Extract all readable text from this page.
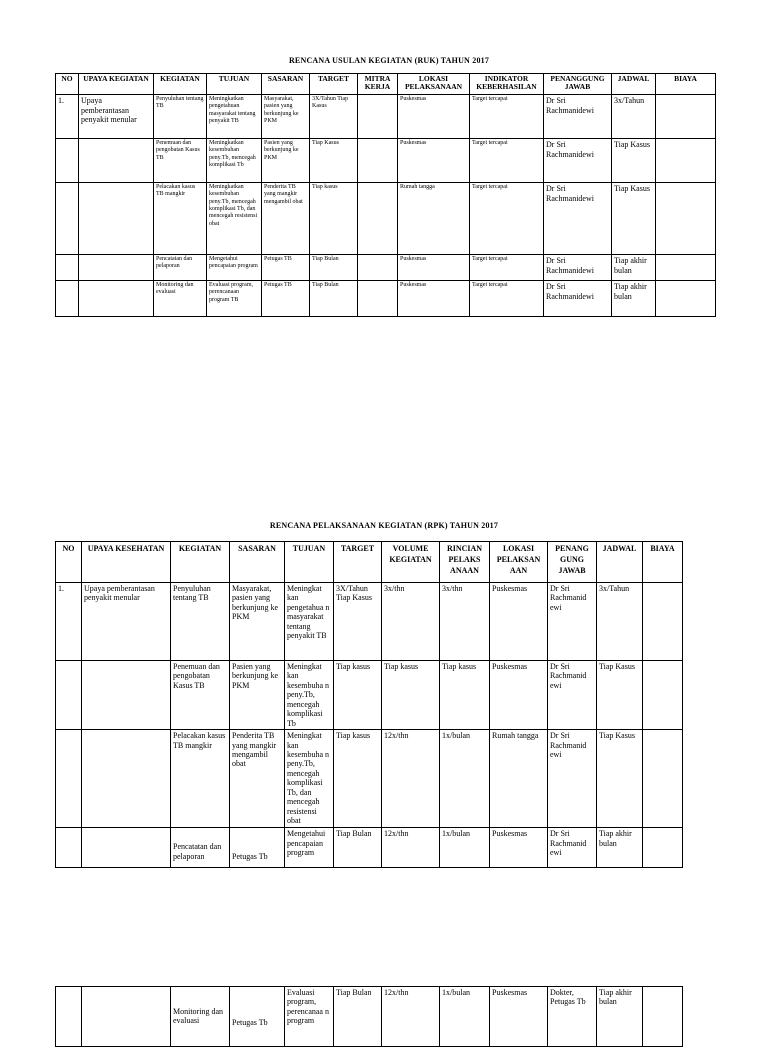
RENCANA USULAN KEGIATAN (RUK) TAHUN 2017
NO	UPAYA KEGIATAN	KEGIATAN	TUJUAN	SASARAN	TARGET	MITRA KERJA	LOKASI PELAKSANAAN	INDIKATOR KEBERHASILAN	PENANGGUNG JAWAB	JADWAL	BIAYA
1.	Upaya pemberantasan penyakit menular	Penyuluhan tentang TB	Meningkatkan pengetahuan masyarakat tentang penyakit TB	Masyarakat, pasien yang berkunjung ke PKM	3X/Tahun Tiap Kasus		Puskesmas	Target tercapai	Dr Sri Rachmanidewi	3x/Tahun	
		Penemuan dan pengobatan Kasus TB	Meningkatkan kesembuhan peny.Tb, mencegah komplikasi Tb	Pasien yang berkunjung ke PKM	Tiap Kasus		Puskesmas	Target tercapai	Dr Sri Rachmanidewi	Tiap Kasus	
		Pelacakan kasus TB mangkir	Meningkatkan kesembuhan peny.Tb, mencegah komplikasi Tb, dan mencegah resistensi obat	Penderita TB yang mangkir mengambil obat	Tiap kasus		Rumah tangga	Target tercapai	Dr Sri Rachmanidewi	Tiap Kasus	
		Pencatatan dan pelaporan	Mengetahui pencapaian program	Petugas TB	Tiap Bulan		Puskesmas	Target tercapai	Dr Sri Rachmanidewi	Tiap akhir bulan	
		Monitoring dan evaluasi	Evaluasi program, perencanaan program TB	Petugas TB	Tiap Bulan		Puskesmas	Target tercapai	Dr Sri Rachmanidewi	Tiap akhir bulan	
RENCANA PELAKSANAAN KEGIATAN (RPK) TAHUN 2017
NO	UPAYA KESEHATAN	KEGIATAN	SASARAN	TUJUAN	TARGET	VOLUME KEGIATAN	RINCIAN PELAKS ANAAN	LOKASI PELAKSAN AAN	PENANG GUNG JAWAB	JADWAL	BIAYA
1.	Upaya pemberantasan penyakit menular	Penyuluhan tentang TB	Masyarakat, pasien yang berkunjung ke PKM	Meningkat kan pengetahua n masyarakat tentang penyakit TB	3X/Tahun Tiap Kasus	3x/thn	3x/thn	Puskesmas	Dr Sri Rachmanid ewi	3x/Tahun	
		Penemuan dan pengobatan Kasus TB	Pasien yang berkunjung ke PKM	Meningkat kan kesembuha n peny.Tb, mencegah komplikasi Tb	Tiap kasus	Tiap kasus	Tiap kasus	Puskesmas	Dr Sri Rachmanid ewi	Tiap Kasus	
		Pelacakan kasus TB mangkir	Penderita TB yang mangkir mengambil obat	Meningkat kan kesembuha n peny.Tb, mencegah komplikasi Tb, dan mencegah resistensi obat	Tiap kasus	12x/thn	1x/bulan	Rumah tangga	Dr Sri Rachmanid ewi	Tiap Kasus	
		Pencatatan dan pelaporan	Petugas Tb	Mengetahui pencapaian program	Tiap Bulan	12x/thn	1x/bulan	Puskesmas	Dr Sri Rachmanid ewi	Tiap akhir bulan	
		Monitoring dan evaluasi	Petugas Tb	Evaluasi program, perencanaa n program	Tiap Bulan	12x/thn	1x/bulan	Puskesmas	Dokter, Petugas Tb	Tiap akhir bulan	
